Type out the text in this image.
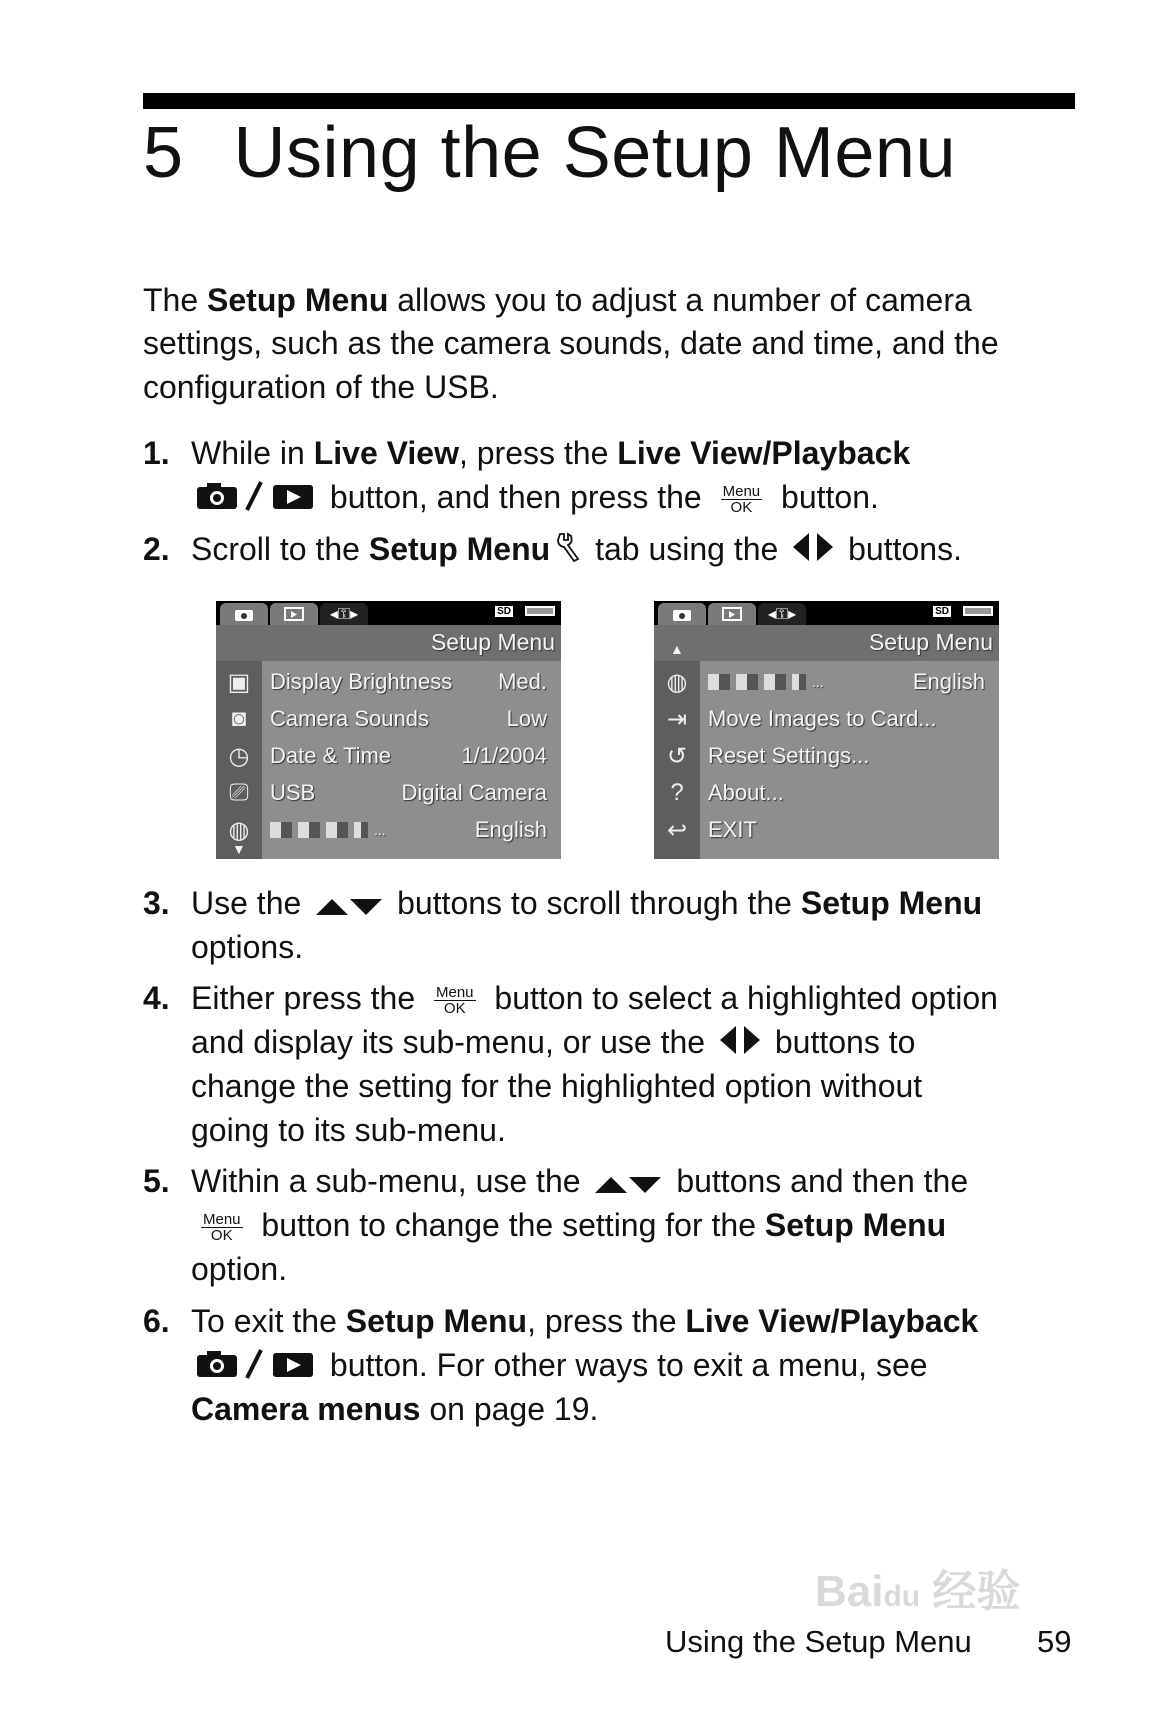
5 Using the Setup Menu
The Setup Menu allows you to adjust a number of camera
settings, such as the camera sounds, date and time, and the
configuration of the USB.
1. While in Live View, press the Live View/Playback
button, and then press the Menu
OK button.
2. Scroll to the Setup Menu tab using the  buttons.
3. Use the  buttons to scroll through the Setup Menu
options.
4. Either press the Menu
OK button to select a highlighted option
and display its sub-menu, or use the  buttons to
change the setting for the highlighted option without
going to its sub-menu.
5. Within a sub-menu, use the  buttons and then the
Menu
OK button to change the setting for the Setup Menu
option.
6. To exit the Setup Menu, press the Live View/Playback
button. For other ways to exit a menu, see
Camera menus on page 19.
◂⚿▸	SD
Setup Menu
▼
▣ Display Brightness Med.
◙	Camera Sounds	Low
◷ Date & Time	1/1/2004
⎚ USB	Digital Camera
◍	...	English
◂⚿▸	SD
Setup Menu
▲
◍	...	English
⇥ Move Images to Card...
↺ Reset Settings...
?	About...
↩ EXIT
Baidu 经验
Using the Setup Menu 59
